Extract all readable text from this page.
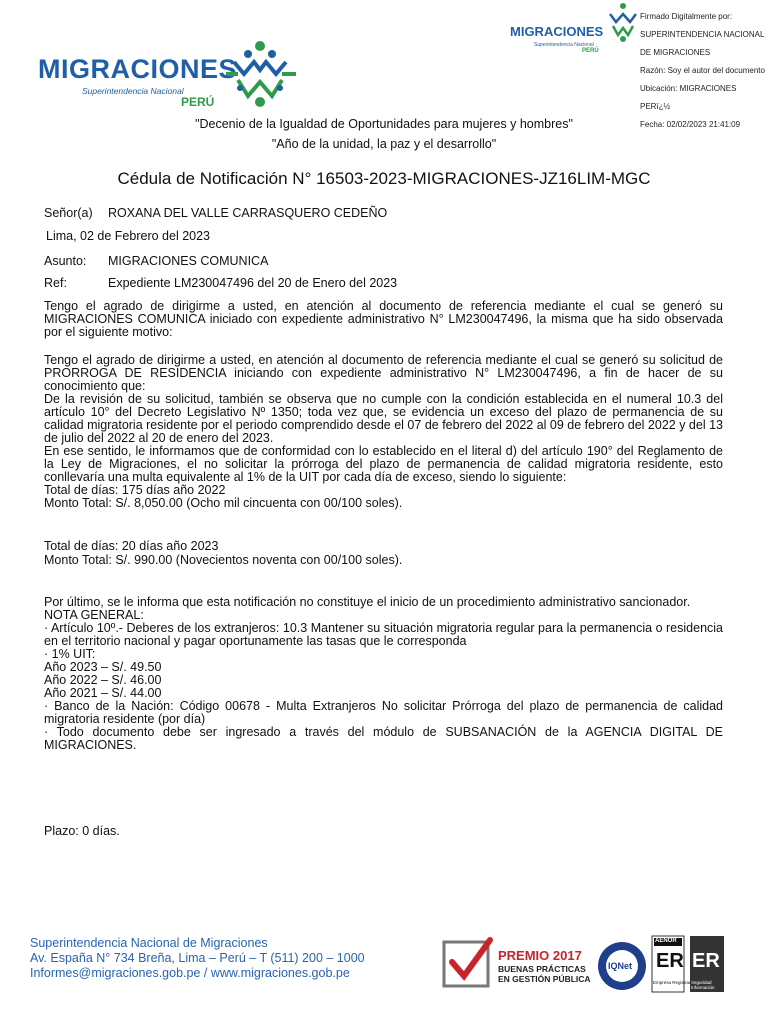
MIGRACIONES
Superintendencia Nacional
PERÚ
MIGRACIONES
Superintendencia Nacional
PERÚ

Firmado Digitalmente por:

SUPERINTENDENCIA NACIONAL

DE MIGRACIONES

Razón: Soy el autor del documento

Ubicación: MIGRACIONES

PERï¿½

Fecha: 02/02/2023 21:41:09

"Decenio de la Igualdad de Oportunidades para mujeres y hombres"
"Año de la unidad, la paz y el desarrollo"
Cédula de Notificación N° 16503-2023-MIGRACIONES-JZ16LIM-MGC
Señor(a) ROXANA DEL VALLE CARRASQUERO CEDEÑO
Lima, 02 de Febrero del 2023
Asunto: MIGRACIONES COMUNICA
Ref:	Expediente LM230047496 del 20 de Enero del 2023

Tengo el agrado de dirigirme a usted, en atención al documento de referencia mediante el cual se generó su MIGRACIONES COMUNICA iniciado con expediente administrativo N° LM230047496, la misma que ha sido observada por el siguiente motivo:

Tengo el agrado de dirigirme a usted, en atención al documento de referencia mediante el cual se generó su solicitud de PRORROGA DE RESIDENCIA iniciando con expediente administrativo N° LM230047496, a fin de hacer de su conocimiento que:

De la revisión de su solicitud, también se observa que no cumple con la condición establecida en el numeral 10.3 del artículo 10° del Decreto Legislativo Nº 1350; toda vez que, se evidencia un exceso del plazo de permanencia de su calidad migratoria residente por el periodo comprendido desde el 07 de febrero del 2022 al 09 de febrero del 2022 y del 13 de julio del 2022 al 20 de enero del 2023.

En ese sentido, le informamos que de conformidad con lo establecido en el literal d) del artículo 190° del Reglamento de la Ley de Migraciones, el no solicitar la prórroga del plazo de permanencia de calidad migratoria residente, esto conllevaría una multa equivalente al 1% de la UIT por cada día de exceso, siendo lo siguiente:

Total de días: 175 días año 2022

Monto Total: S/. 8,050.00 (Ocho mil cincuenta con 00/100 soles).

Total de días: 20 días año 2023
Monto Total: S/. 990.00 (Novecientos noventa con 00/100 soles).

Por último, se le informa que esta notificación no constituye el inicio de un procedimiento administrativo sancionador.

NOTA GENERAL:

· Artículo 10º.- Deberes de los extranjeros: 10.3 Mantener su situación migratoria regular para la permanencia o residencia en el territorio nacional y pagar oportunamente las tasas que le corresponda

· 1% UIT:

Año 2023 – S/. 49.50

Año 2022 – S/. 46.00

Año 2021 – S/. 44.00

· Banco de la Nación: Código 00678 - Multa Extranjeros No solicitar Prórroga del plazo de permanencia de calidad migratoria residente (por día)

· Todo documento debe ser ingresado a través del módulo de SUBSANACIÓN de la AGENCIA DIGITAL DE MIGRACIONES.

Plazo: 0 días.
Superintendencia Nacional de Migraciones
Av. España N° 734 Breña, Lima – Perú – T (511) 200 – 1000
Informes@migraciones.gob.pe / www.migraciones.gob.pe
PREMIO 2017
BUENAS PRÁCTICAS
EN GESTIÓN PÚBLICA
IQNet
AENOR
ER
Empresa Registrada
ER
Seguridad Información
